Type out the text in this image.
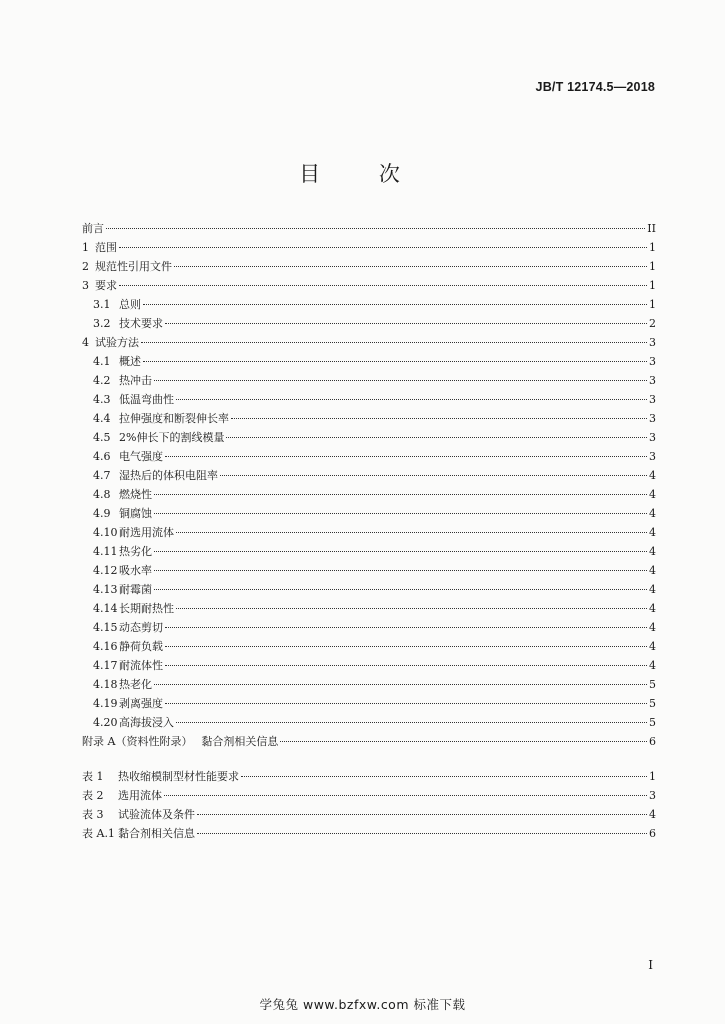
JB/T 12174.5—2018
目 次
前言	II
1 范围	1
2 规范性引用文件	1
3 要求	1
3.1 总则	1
3.2 技术要求	2
4 试验方法	3
4.1 概述	3
4.2 热冲击	3
4.3 低温弯曲性	3
4.4 拉伸强度和断裂伸长率	3
4.5 2%伸长下的割线模量	3
4.6 电气强度	3
4.7 湿热后的体积电阻率	4
4.8 燃烧性	4
4.9 铜腐蚀	4
4.10 耐选用流体	4
4.11 热劣化	4
4.12 吸水率	4
4.13 耐霉菌	4
4.14 长期耐热性	4
4.15 动态剪切	4
4.16 静荷负载	4
4.17 耐流体性	4
4.18 热老化	5
4.19 剥离强度	5
4.20 高海拔浸入	5
附录 A（资料性附录）　 黏合剂相关信息	6
表 1	热收缩模制型材性能要求	1
表 2	选用流体	3
表 3	试验流体及条件	4
表 A.1 黏合剂相关信息	6
I
学兔兔 www.bzfxw.com 标准下载
